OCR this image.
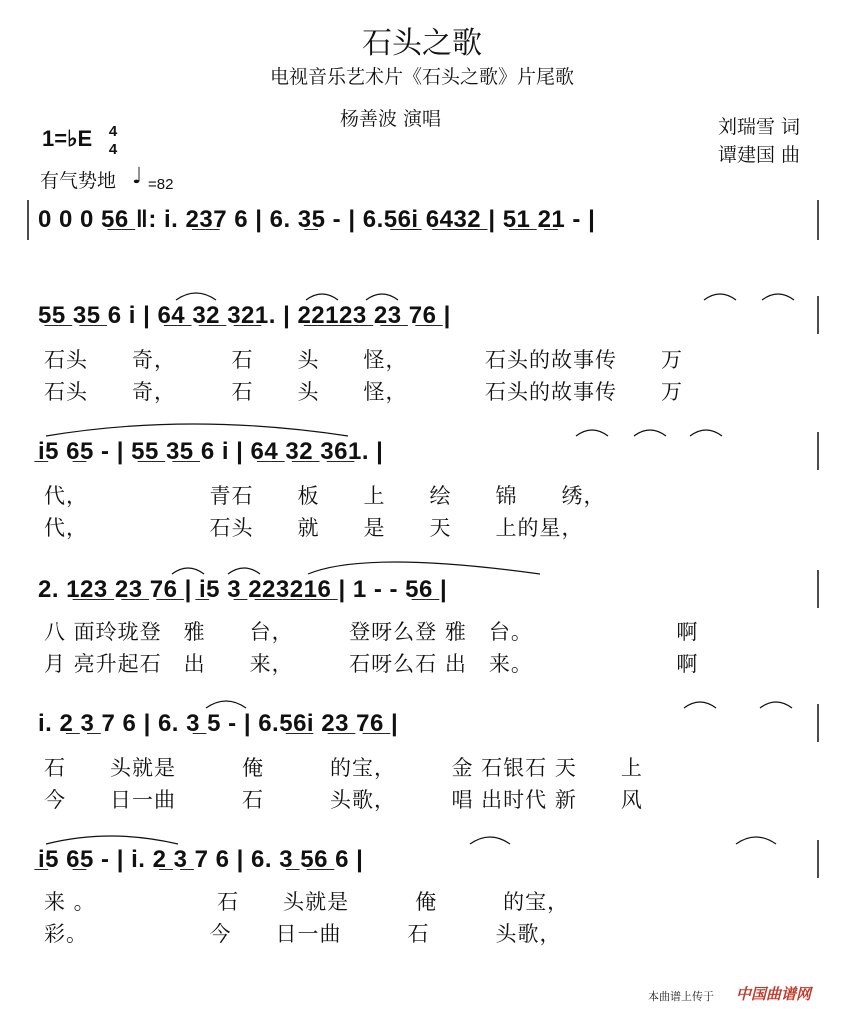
石头之歌
电视音乐艺术片《石头之歌》片尾歌
杨善波 演唱	刘瑞雪 词
谭建国 曲
1=♭E 4
4
有气势地 ♩ =82
0 0 0 5̲6̲ ‖: i. 2̲3̲7 6 | 6. 3̲5 - | 6.5̲6̲i̲ 6̲4̲3̲2̲ | 5̲1̲ 2̲1 - |
5̲5̲ 3̲5̲ 6 i | 6̲4̲ 3̲2̲ 3̲2̲1. | 2̲2̲1̲2̲3̲ 2̲3̲ 7̲6̲ |
石头　　奇，　　　石　　头　　怪，　　　　石头的故事传　　万
石头　　奇，　　　石　　头　　怪，　　　　石头的故事传　　万
i̲5 6̲5 - | 5̲5̲ 3̲5̲ 6 i | 6̲4̲ 3̲2̲ 3̲6̲1. |
代，　　　　　　青石　　板　　上　　绘　　锦　　绣，
代，　　　　　　石头　　就　　是　　天　　上的星，
2. 1̲2̲3̲ 2̲3̲ 7̲6̲ | i̲5 3̲ 2̲2̲3̲2̲1̲6̲ | 1 - - 5̲6̲ |
八 面玲珑登　雅　　台，　　　登呀么登 雅　台。　　　　　　　啊
月 亮升起石　出　　来，　　　石呀么石 出　来。　　　　　　　啊
i. 2̲ 3̲ 7 6 | 6. 3̲ 5 - | 6.5̲6̲i 2̲3̲ 7̲6̲ |
石　　头就是　　　俺　　　的宝，　　　金 石银石 天　　上
今　　日一曲　　　石　　　头歌，　　　唱 出时代 新　　风
i̲5 6̲5 - | i. 2̲ 3̲ 7 6 | 6. 3̲ 5̲6̲ 6 |
来 。　　　　　　石　　头就是　　　俺　　　的宝，
彩。　　　　　　今　　日一曲　　　石　　　头歌，
本曲谱上传于 中国曲谱网
